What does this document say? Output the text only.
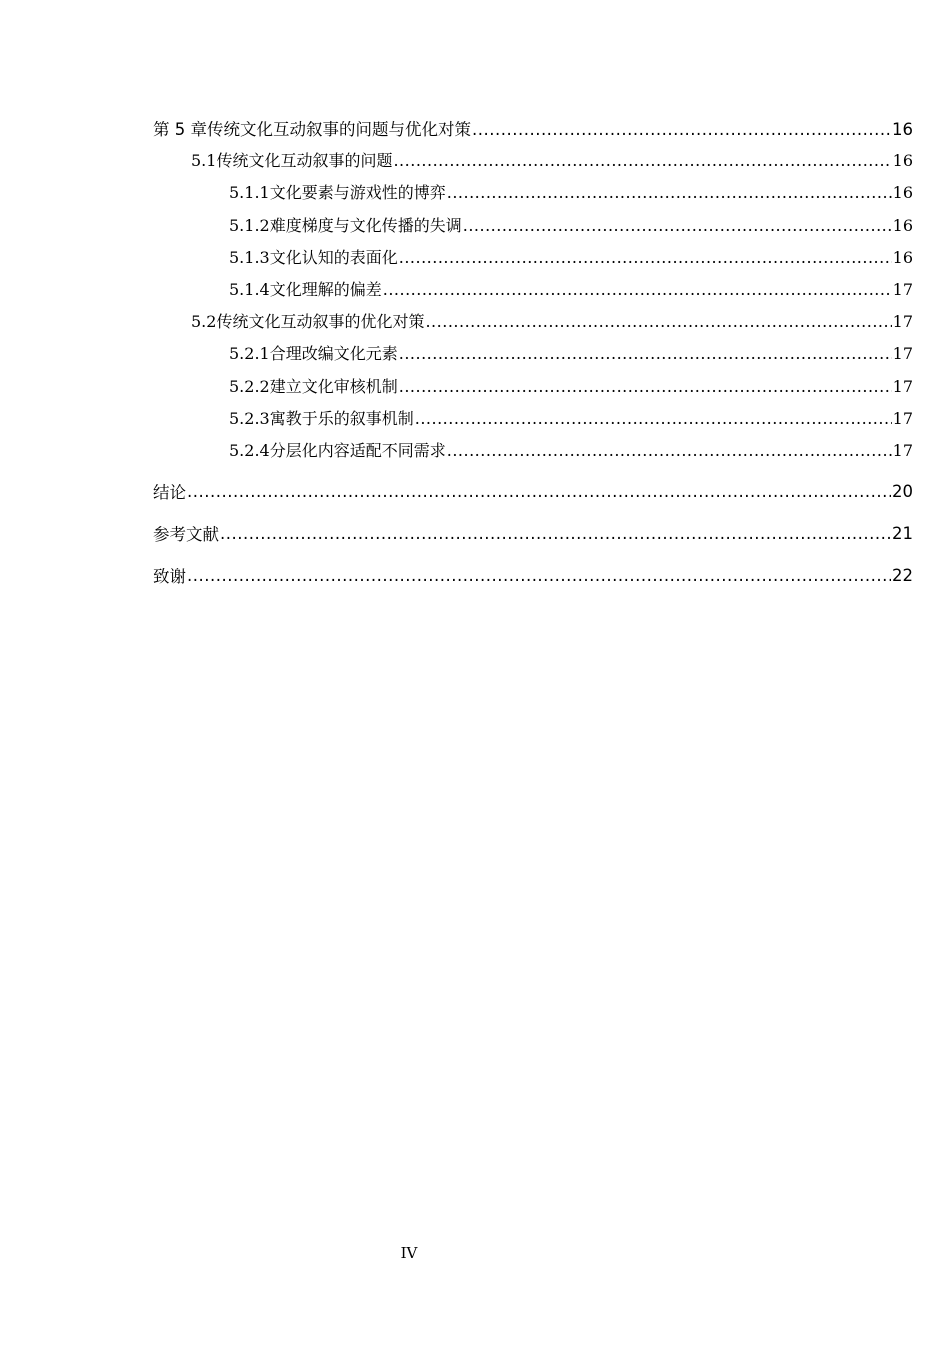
第 5 章 传统文化互动叙事的问题与优化对策 .....	16
5.1 传统文化互动叙事的问题 .....	16
5.1.1 文化要素与游戏性的博弈 .....	16
5.1.2 难度梯度与文化传播的失调 .....	16
5.1.3 文化认知的表面化 .....	16
5.1.4 文化理解的偏差 .....	17
5.2 传统文化互动叙事的优化对策 .....	17
5.2.1 合理改编文化元素 .....	17
5.2.2 建立文化审核机制 .....	17
5.2.3 寓教于乐的叙事机制 .....	17
5.2.4 分层化内容适配不同需求 .....	17
结论 .....	20
参考文献 .....	21
致谢 .....	22
IV
